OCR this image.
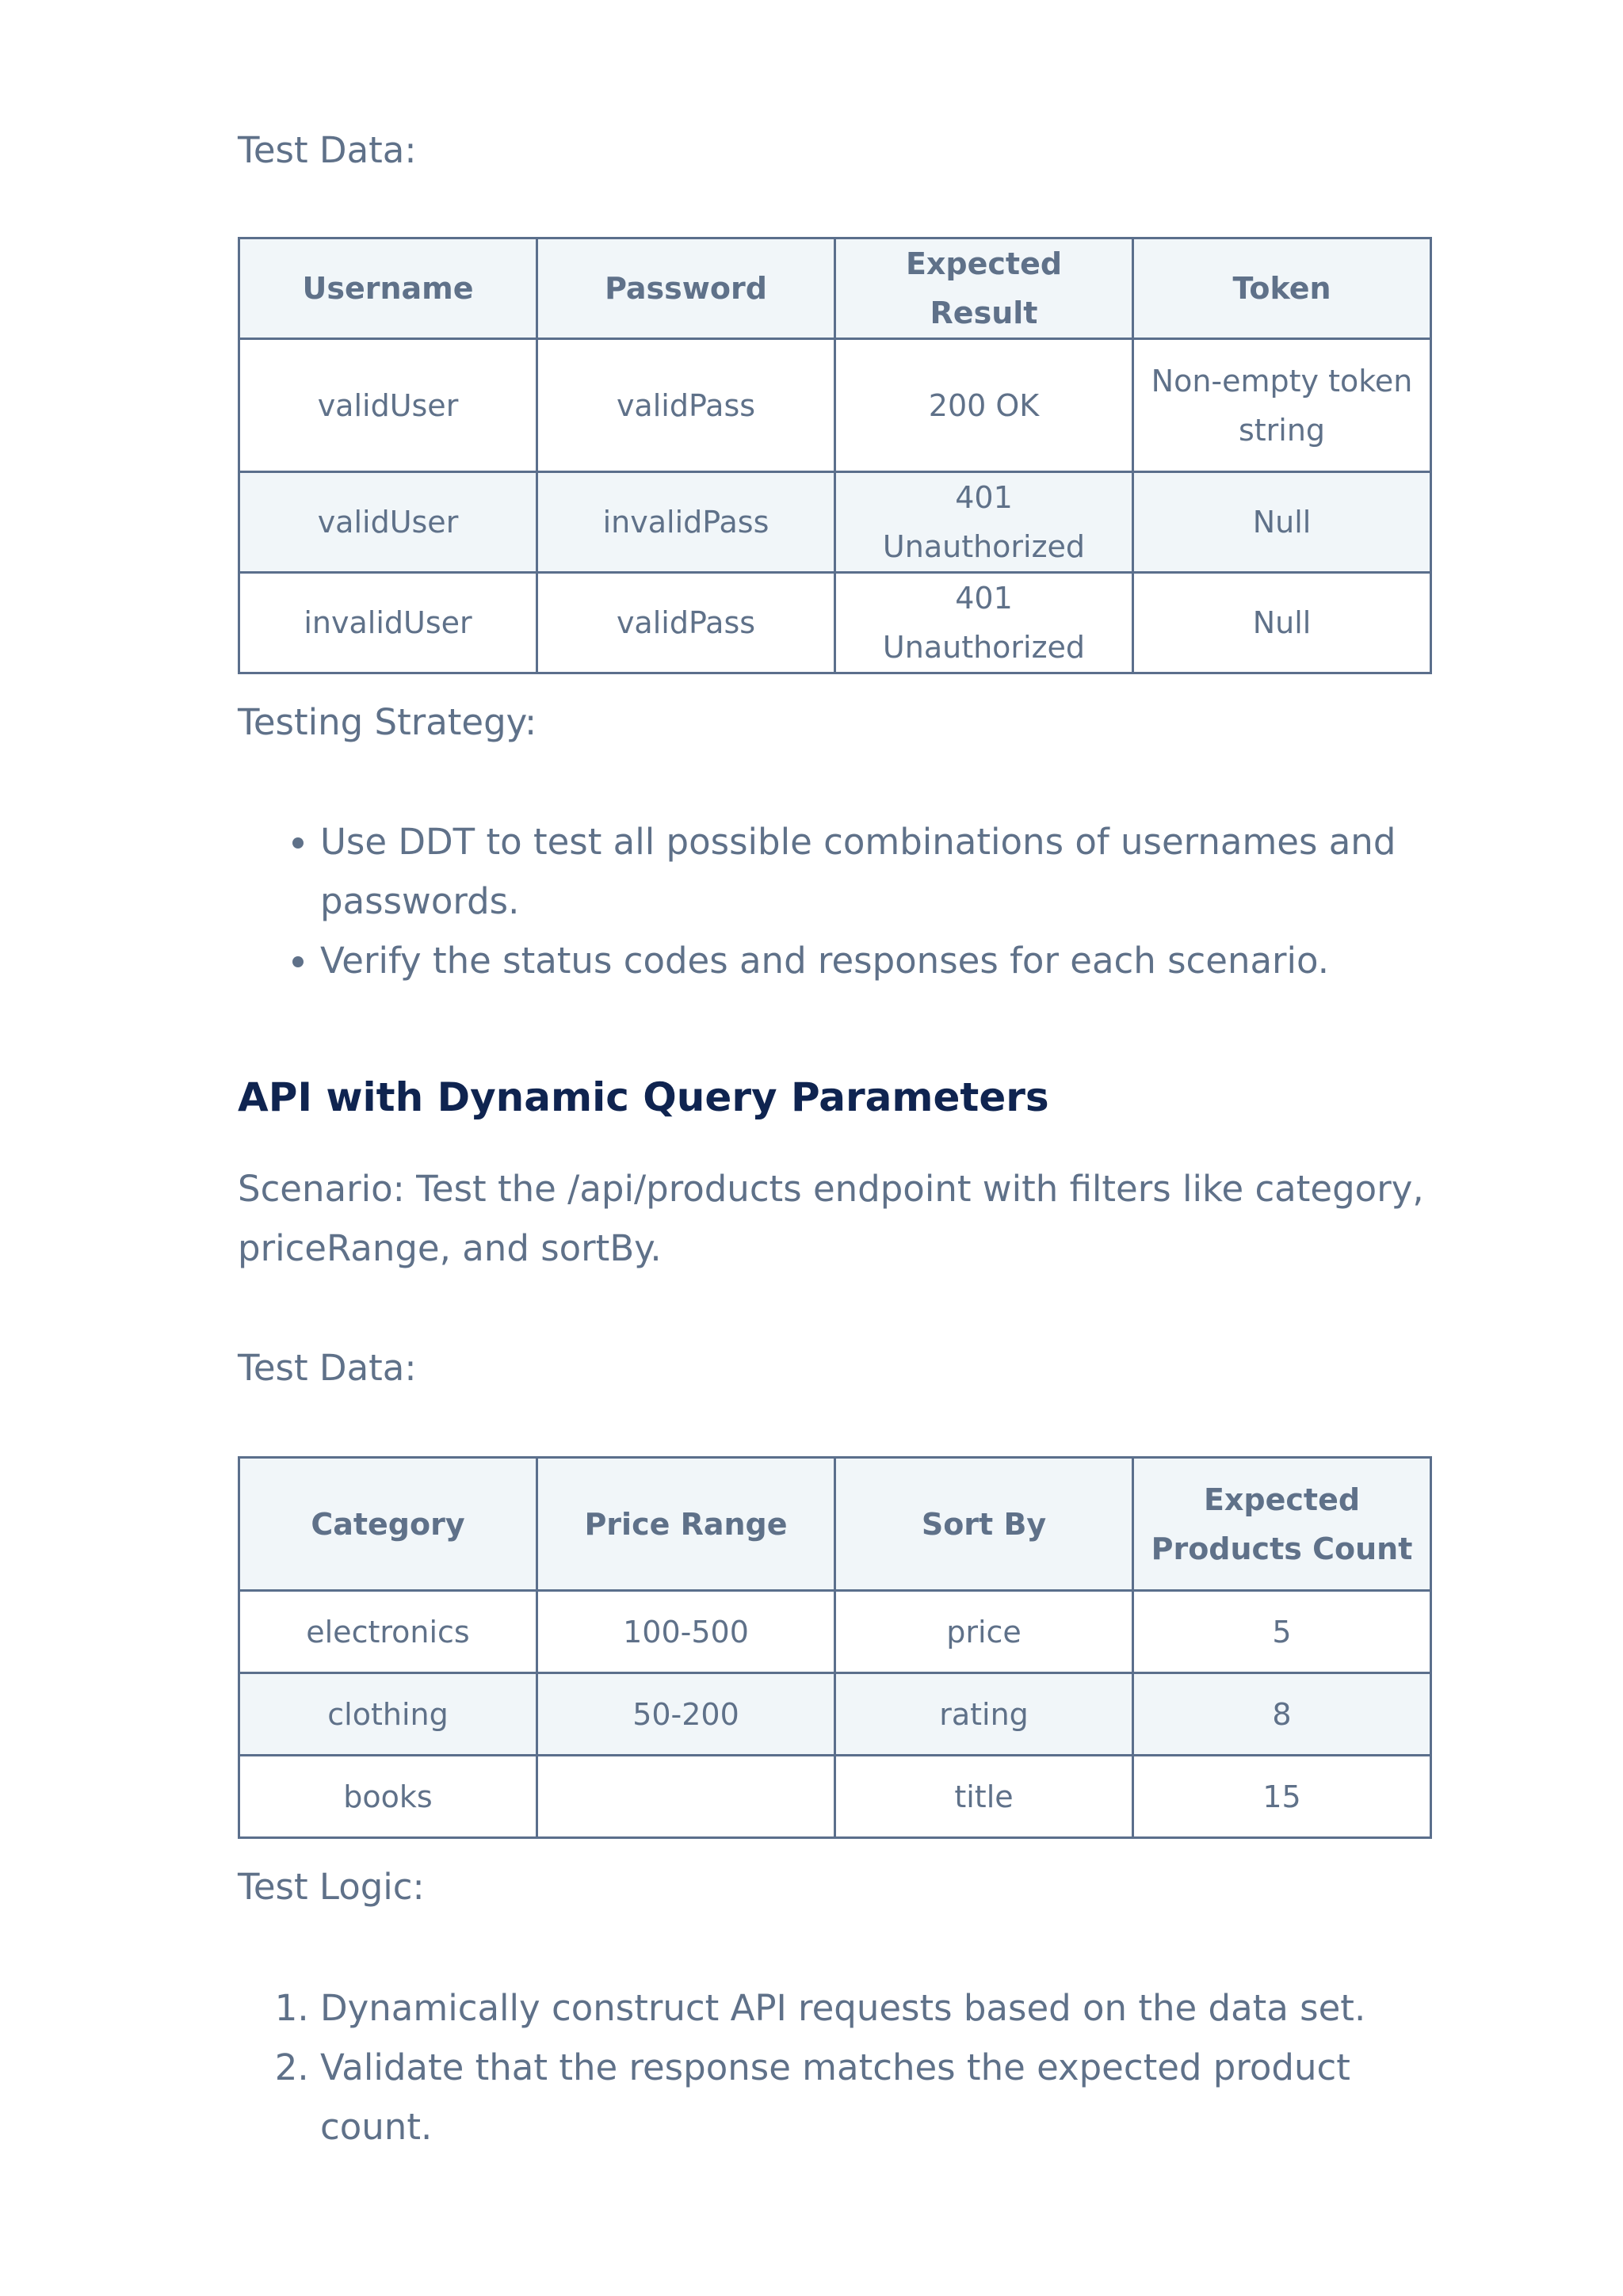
Test Data:

Username	Password	Expected Result	Token
validUser	validPass	200 OK	Non-empty token string
validUser	invalidPass	401 Unauthorized	Null
invalidUser	validPass	401 Unauthorized	Null

Testing Strategy:

• Use DDT to test all possible combinations of usernames and passwords.
• Verify the status codes and responses for each scenario.
API with Dynamic Query Parameters

Scenario: Test the /api/products endpoint with filters like category, priceRange, and sortBy.

Test Data:

Category	Price Range	Sort By	Expected Products Count
electronics	100-500	price	5
clothing	50-200	rating	8
books		title	15

Test Logic:

1. Dynamically construct API requests based on the data set.
2. Validate that the response matches the expected product count.
